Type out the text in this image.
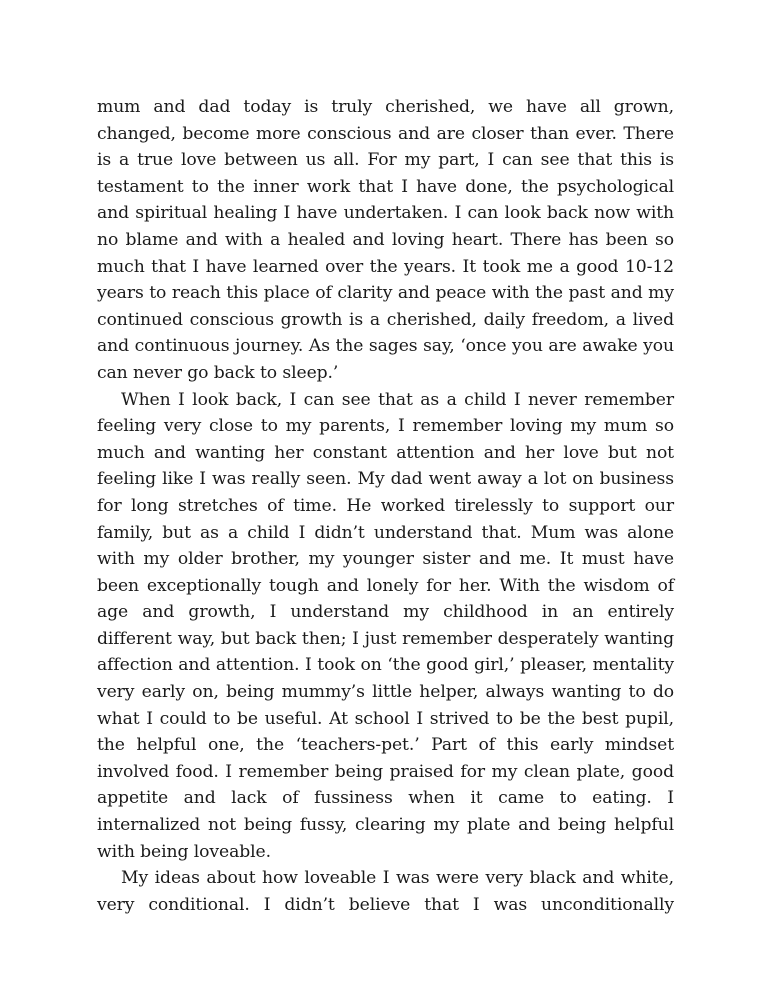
mum and dad today is truly cherished, we have all grown, changed, become more conscious and are closer than ever. There is a true love between us all. For my part, I can see that this is testament to the inner work that I have done, the psychological and spiritual healing I have undertaken. I can look back now with no blame and with a healed and loving heart. There has been so much that I have learned over the years. It took me a good 10-12 years to reach this place of clarity and peace with the past and my continued conscious growth is a cherished, daily freedom, a lived and continuous journey. As the sages say, ‘once you are awake you can never go back to sleep.’

When I look back, I can see that as a child I never remember feeling very close to my parents, I remember loving my mum so much and wanting her constant attention and her love but not feeling like I was really seen. My dad went away a lot on business for long stretches of time. He worked tirelessly to support our family, but as a child I didn’t understand that. Mum was alone with my older brother, my younger sister and me. It must have been exceptionally tough and lonely for her. With the wisdom of age and growth, I understand my childhood in an entirely different way, but back then; I just remember desperately wanting affection and attention. I took on ‘the good girl,’ pleaser, mentality very early on, being mummy’s little helper, always wanting to do what I could to be useful. At school I strived to be the best pupil, the helpful one, the ‘teachers-pet.’ Part of this early mindset involved food. I remember being praised for my clean plate, good appetite and lack of fussiness when it came to eating. I internalized not being fussy, clearing my plate and being helpful with being loveable.

My ideas about how loveable I was were very black and white, very conditional. I didn’t believe that I was unconditionally
